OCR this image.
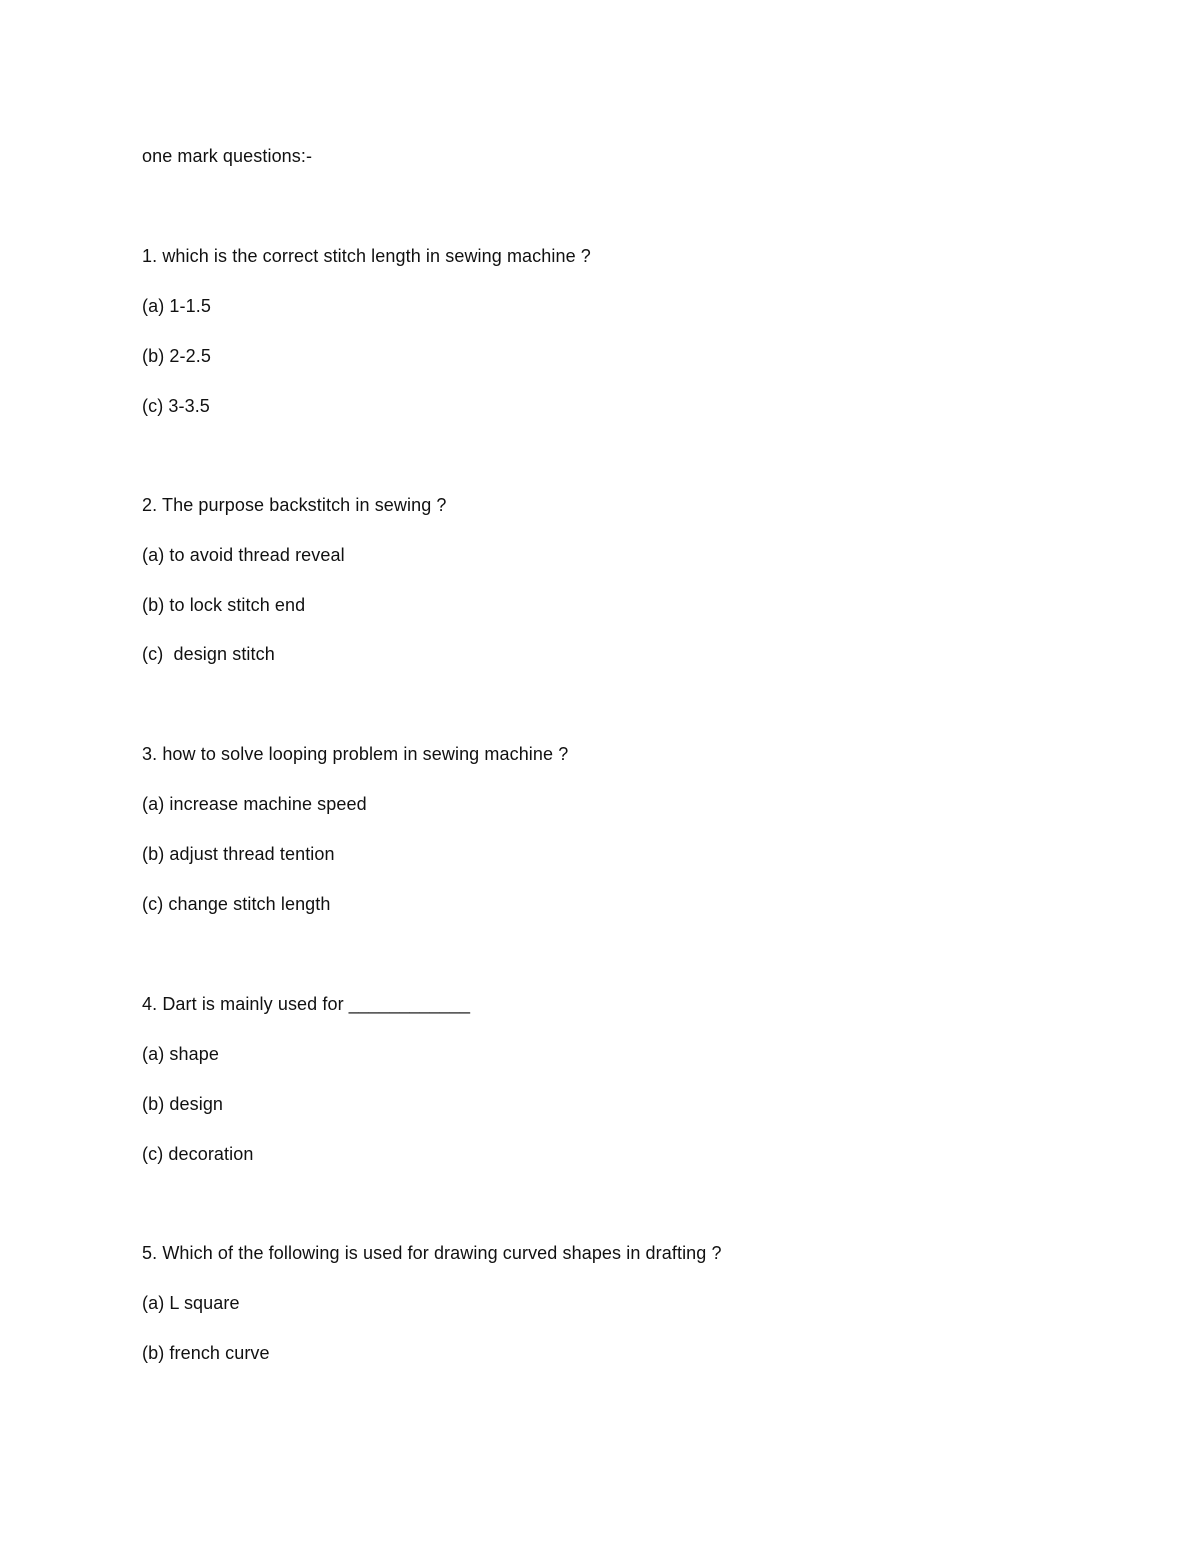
one mark questions:-
1. which is the correct stitch length in sewing machine ?
(a) 1-1.5
(b) 2-2.5
(c) 3-3.5
2. The purpose backstitch in sewing ?
(a) to avoid thread reveal
(b) to lock stitch end
(c)  design stitch
3. how to solve looping problem in sewing machine ?
(a) increase machine speed
(b) adjust thread tention
(c) change stitch length
4. Dart is mainly used for ____________
(a) shape
(b) design
(c) decoration
5. Which of the following is used for drawing curved shapes in drafting ?
(a) L square
(b) french curve
